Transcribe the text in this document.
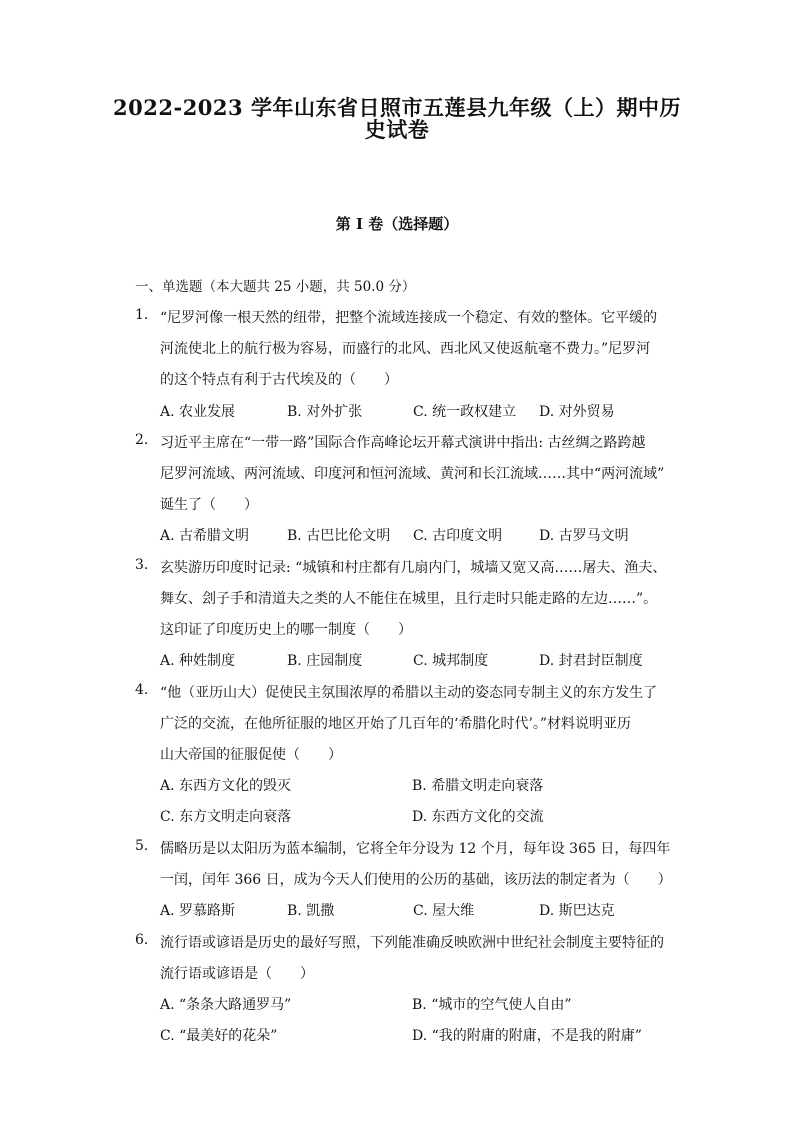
2022-2023 学年山东省日照市五莲县九年级（上）期中历
史试卷
第 I 卷（选择题）
一、单选题（本大题共 25 小题，共 50.0 分）
1. “尼罗河像一根天然的纽带，把整个流域连接成一个稳定、有效的整体。它平缓的
河流使北上的航行极为容易，而盛行的北风、西北风又使返航毫不费力。”尼罗河
的这个特点有利于古代埃及的（　　）
A. 农业发展	B. 对外扩张	C. 统一政权建立 D. 对外贸易
2. 习近平主席在“一带一路”国际合作高峰论坛开幕式演讲中指出: 古丝绸之路跨越
尼罗河流域、两河流域、印度河和恒河流域、黄河和长江流域……其中“两河流域”
诞生了（　　）
A. 古希腊文明	B. 古巴比伦文明 C. 古印度文明	D. 古罗马文明
3. 玄奘游历印度时记录: “城镇和村庄都有几扇内门，城墙又宽又高……屠夫、渔夫、
舞女、刽子手和清道夫之类的人不能住在城里，且行走时只能走路的左边……”。
这印证了印度历史上的哪一制度（　　）
A. 种姓制度	B. 庄园制度	C. 城邦制度	D. 封君封臣制度
4. “他（亚历山大）促使民主氛围浓厚的希腊以主动的姿态同专制主义的东方发生了
广泛的交流，在他所征服的地区开始了几百年的‘希腊化时代’。”材料说明亚历
山大帝国的征服促使（　　）
A. 东西方文化的毁灭	B. 希腊文明走向衰落
C. 东方文明走向衰落	D. 东西方文化的交流
5. 儒略历是以太阳历为蓝本编制，它将全年分设为 12 个月，每年设 365 日，每四年
一闰，闰年 366 日，成为今天人们使用的公历的基础，该历法的制定者为（　　）
A. 罗慕路斯	B. 凯撒	C. 屋大维	D. 斯巴达克
6. 流行语或谚语是历史的最好写照，下列能准确反映欧洲中世纪社会制度主要特征的
流行语或谚语是（　　）
A. “条条大路通罗马”	B. “城市的空气使人自由”
C. “最美好的花朵”	D. “我的附庸的附庸，不是我的附庸”
